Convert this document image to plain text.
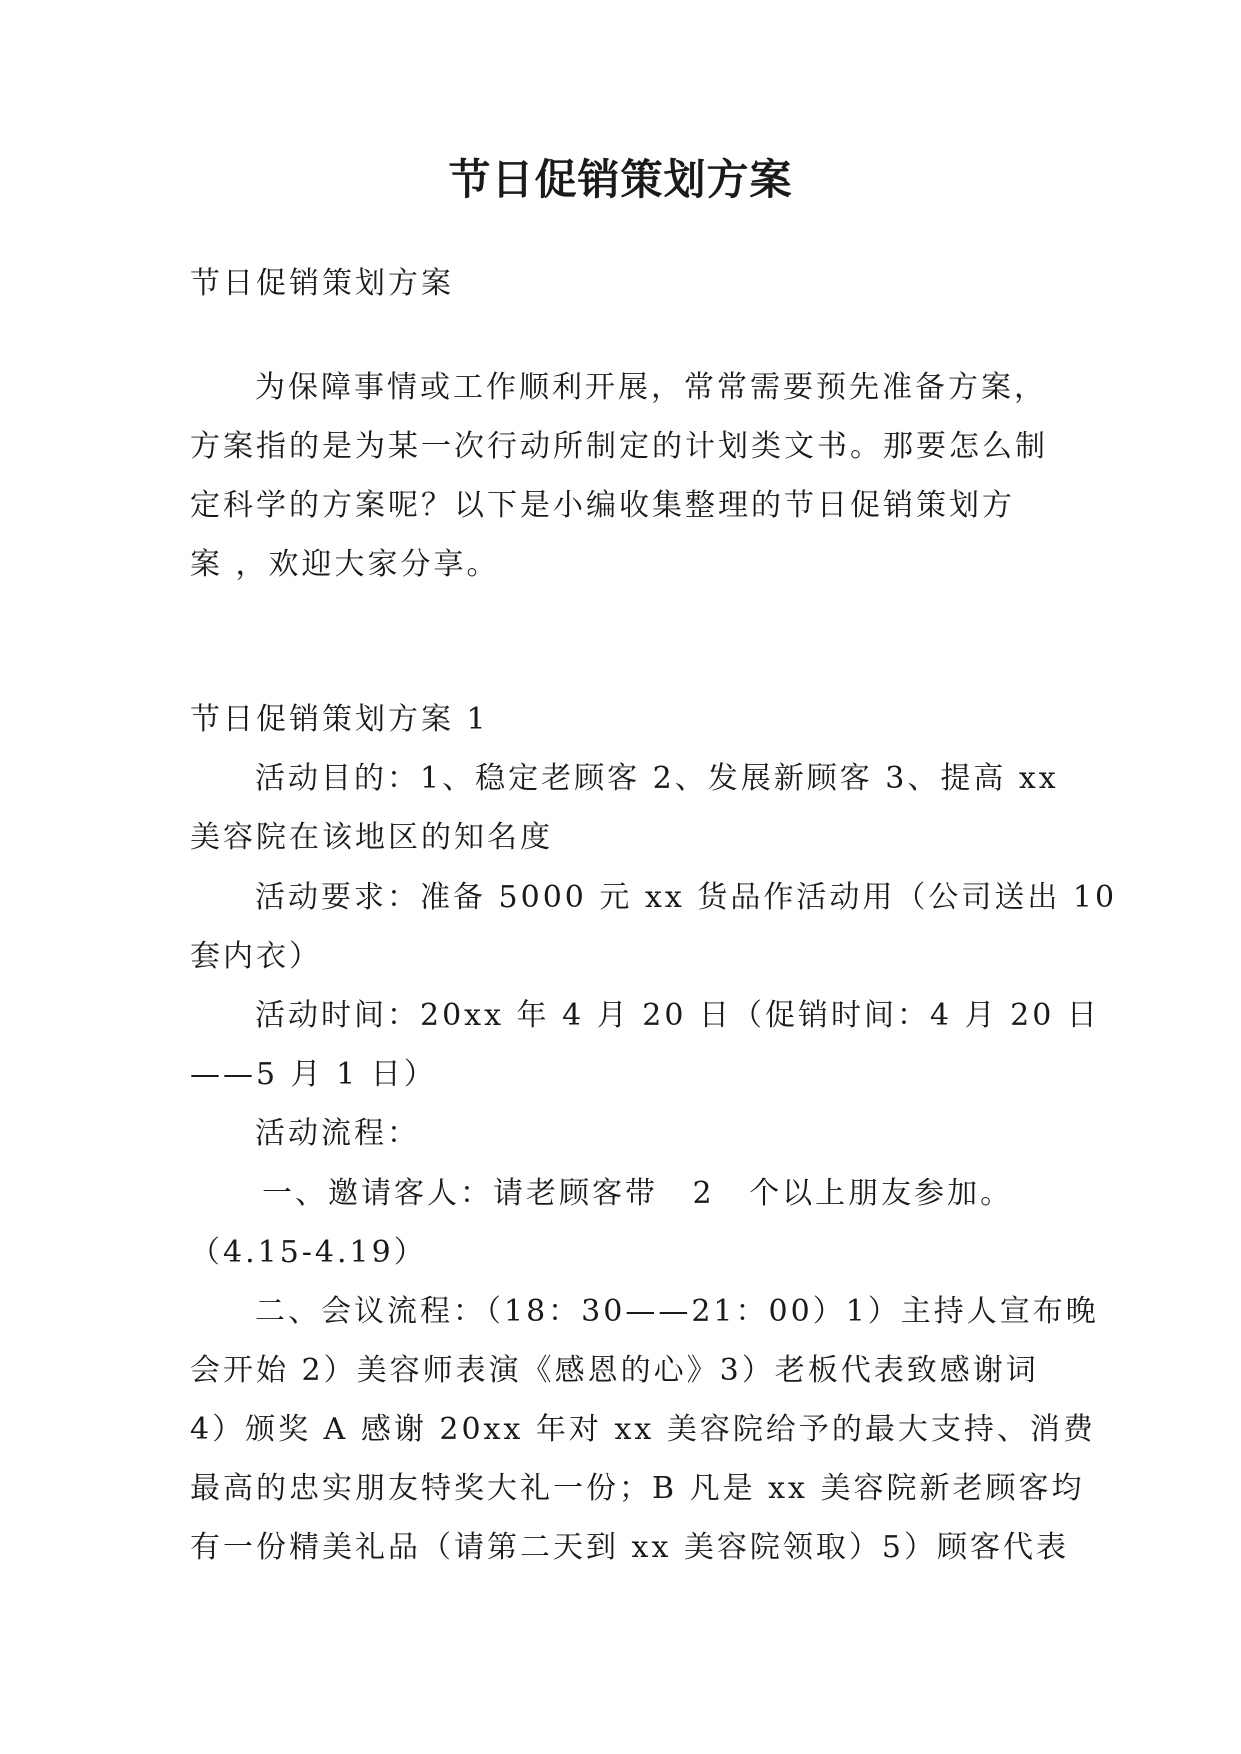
节日促销策划方案

节日促销策划方案

为保障事情或工作顺利开展，常常需要预先准备方案，

方案指的是为某一次行动所制定的计划类文书。那要怎么制

定科学的方案呢？以下是小编收集整理的节日促销策划方

案 ，欢迎大家分享。

节日促销策划方案 1

活动目的：1、稳定老顾客 2、发展新顾客 3、提高 xx

美容院在该地区的知名度

活动要求：准备 5000 元 xx 货品作活动用（公司送出 10

套内衣）

活动时间：20xx 年 4 月 20 日（促销时间：4 月 20 日

——5 月 1 日）

活动流程：

一、邀请客人：请老顾客带 2 个以上朋友参加。

（4.15-4.19）

二、会议流程：（18：30——21：00）1）主持人宣布晚

会开始 2）美容师表演《感恩的心》3）老板代表致感谢词

4）颁奖 A 感谢 20xx 年对 xx 美容院给予的最大支持、消费

最高的忠实朋友特奖大礼一份；B 凡是 xx 美容院新老顾客均

有一份精美礼品（请第二天到 xx 美容院领取）5）顾客代表
